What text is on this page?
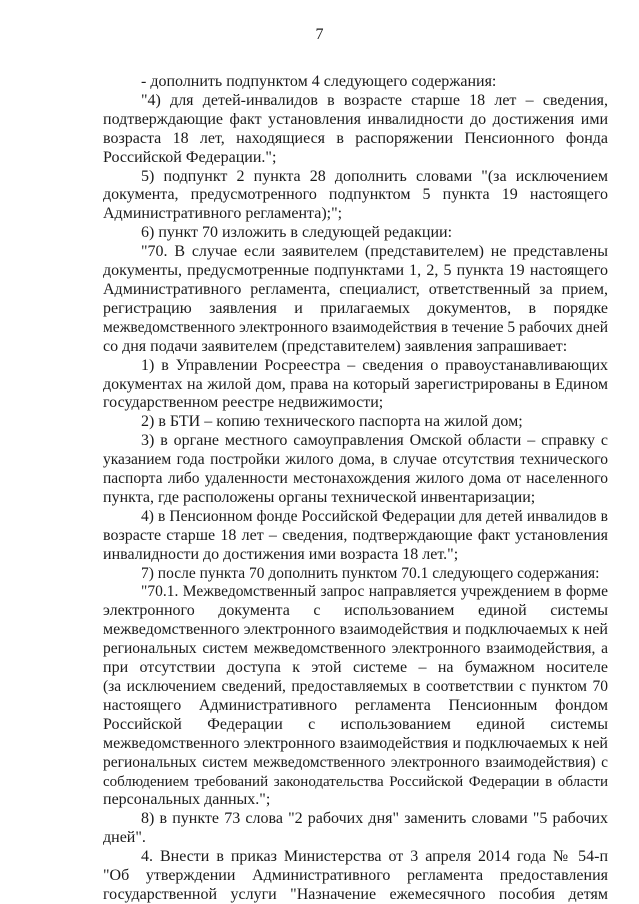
7
- дополнить подпунктом 4 следующего содержания:
"4) для детей-инвалидов в возрасте старше 18 лет – сведения,
подтверждающие факт установления инвалидности до достижения ими
возраста 18 лет, находящиеся в распоряжении Пенсионного фонда
Российской Федерации.";
5) подпункт 2 пункта 28 дополнить словами "(за исключением
документа, предусмотренного подпунктом 5 пункта 19 настоящего
Административного регламента);";
6) пункт 70 изложить в следующей редакции:
"70. В случае если заявителем (представителем) не представлены
документы, предусмотренные подпунктами 1, 2, 5 пункта 19 настоящего
Административного регламента, специалист, ответственный за прием,
регистрацию заявления и прилагаемых документов, в порядке
межведомственного электронного взаимодействия в течение 5 рабочих дней
со дня подачи заявителем (представителем) заявления запрашивает:
1) в Управлении Росреестра – сведения о правоустанавливающих
документах на жилой дом, права на который зарегистрированы в Едином
государственном реестре недвижимости;
2) в БТИ – копию технического паспорта на жилой дом;
3) в органе местного самоуправления Омской области – справку с
указанием года постройки жилого дома, в случае отсутствия технического
паспорта либо удаленности местонахождения жилого дома от населенного
пункта, где расположены органы технической инвентаризации;
4) в Пенсионном фонде Российской Федерации для детей инвалидов в
возрасте старше 18 лет – сведения, подтверждающие факт установления
инвалидности до достижения ими возраста 18 лет.";
7) после пункта 70 дополнить пунктом 70.1 следующего содержания:
"70.1. Межведомственный запрос направляется учреждением в форме
электронного документа с использованием единой системы
межведомственного электронного взаимодействия и подключаемых к ней
региональных систем межведомственного электронного взаимодействия, а
при отсутствии доступа к этой системе – на бумажном носителе
(за исключением сведений, предоставляемых в соответствии с пунктом 70
настоящего Административного регламента Пенсионным фондом
Российской Федерации с использованием единой системы
межведомственного электронного взаимодействия и подключаемых к ней
региональных систем межведомственного электронного взаимодействия) с
соблюдением требований законодательства Российской Федерации в области
персональных данных.";
8) в пункте 73 слова "2 рабочих дня" заменить словами "5 рабочих
дней".
4. Внести в приказ Министерства от 3 апреля 2014 года № 54-п
"Об утверждении Административного регламента предоставления
государственной услуги "Назначение ежемесячного пособия детям
